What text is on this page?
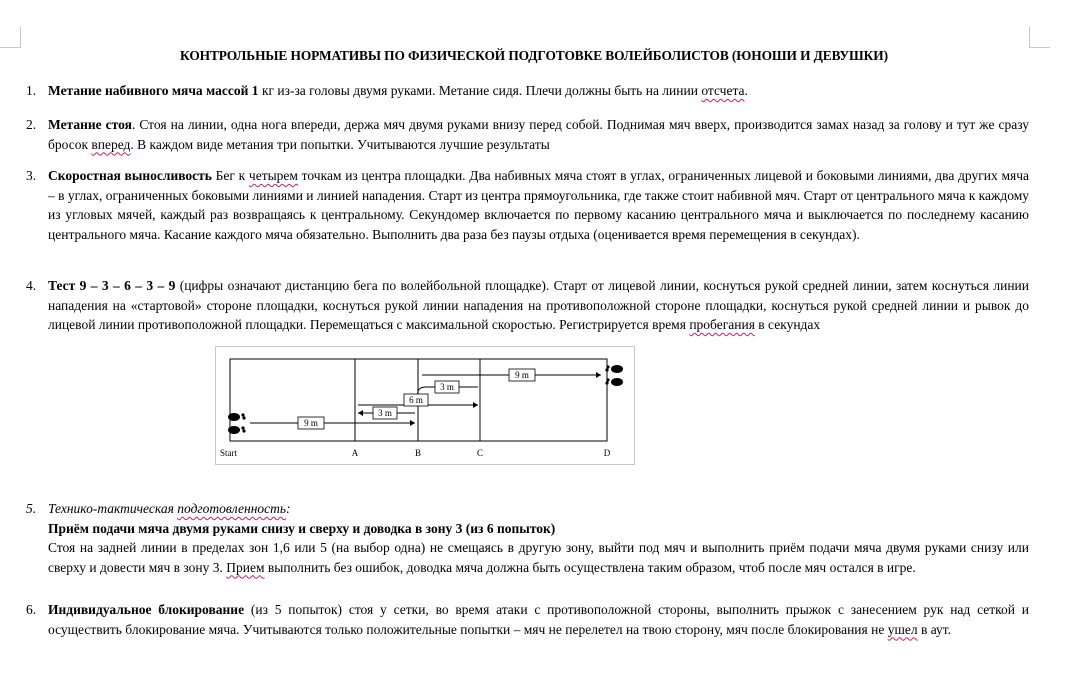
КОНТРОЛЬНЫЕ НОРМАТИВЫ ПО ФИЗИЧЕСКОЙ ПОДГОТОВКЕ ВОЛЕЙБОЛИСТОВ (ЮНОШИ И ДЕВУШКИ)
1. Метание набивного мяча массой 1 кг из-за головы двумя руками. Метание сидя. Плечи должны быть на линии отсчета.
2. Метание стоя. Стоя на линии, одна нога впереди, держа мяч двумя руками внизу перед собой. Поднимая мяч вверх, производится замах назад за голову и тут же сразу бросок вперед. В каждом виде метания три попытки. Учитываются лучшие результаты
3. Скоростная выносливость Бег к четырем точкам из центра площадки. Два набивных мяча стоят в углах, ограниченных лицевой и боковыми линиями, два других мяча – в углах, ограниченных боковыми линиями и линией нападения. Старт из центра прямоугольника, где также стоит набивной мяч. Старт от центрального мяча к каждому из угловых мячей, каждый раз возвращаясь к центральному. Секундомер включается по первому касанию центрального мяча и выключается по последнему касанию центрального мяча. Касание каждого мяча обязательно. Выполнить два раза без паузы отдыха (оценивается время перемещения в секундах).
4. Тест 9 – 3 – 6 – 3 – 9 (цифры означают дистанцию бега по волейбольной площадке). Старт от лицевой линии, коснуться рукой средней линии, затем коснуться линии нападения на «стартовой» стороне площадки, коснуться рукой линии нападения на противоположной стороне площадки, коснуться рукой средней линии и рывок до лицевой линии противоположной площадки. Перемещаться с максимальной скоростью. Регистрируется время пробегания в секундах
9 m
3 m
6 m
3 m
9 m
Start	A	B	C	D
5. Технико-тактическая подготовленность:
Приём подачи мяча двумя руками снизу и сверху и доводка в зону 3 (из 6 попыток)
Стоя на задней линии в пределах зон 1,6 или 5 (на выбор одна) не смещаясь в другую зону, выйти под мяч и выполнить приём подачи мяча двумя руками снизу или сверху и довести мяч в зону 3. Прием выполнить без ошибок, доводка мяча должна быть осуществлена таким образом, чтоб после мяч остался в игре.
6. Индивидуальное блокирование (из 5 попыток) стоя у сетки, во время атаки с противоположной стороны, выполнить прыжок с занесением рук над сеткой и осуществить блокирование мяча. Учитываются только положительные попытки – мяч не перелетел на твою сторону, мяч после блокирования не ушел в аут.
